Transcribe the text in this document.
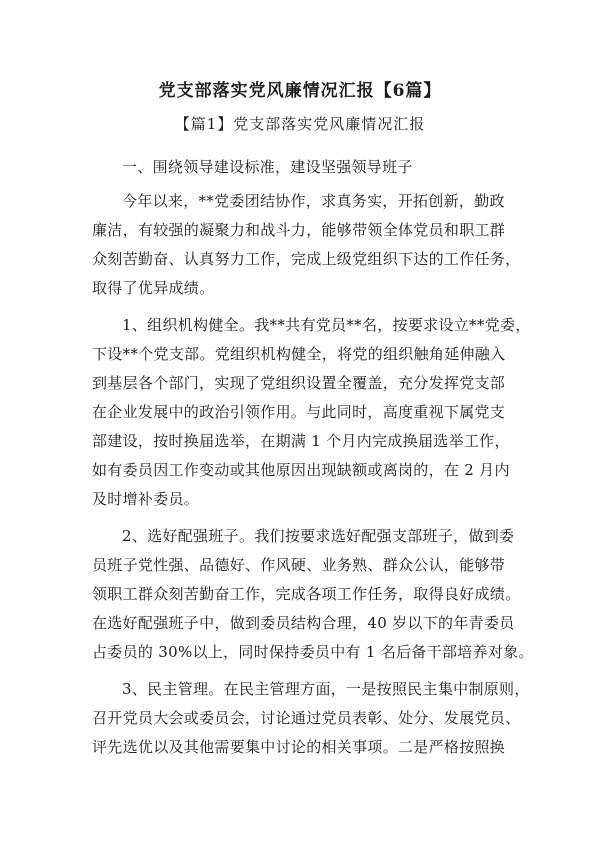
党支部落实党风廉情况汇报【6篇】
【篇1】党支部落实党风廉情况汇报
一、围绕领导建设标准，建设坚强领导班子
今年以来，**党委团结协作，求真务实，开拓创新，勤政
廉洁，有较强的凝聚力和战斗力，能够带领全体党员和职工群
众刻苦勤奋、认真努力工作，完成上级党组织下达的工作任务，
取得了优异成绩。
1、组织机构健全。我**共有党员**名，按要求设立**党委，
下设**个党支部。党组织机构健全，将党的组织触角延伸融入
到基层各个部门，实现了党组织设置全覆盖，充分发挥党支部
在企业发展中的政治引领作用。与此同时，高度重视下属党支
部建设，按时换届选举，在期满 1 个月内完成换届选举工作，
如有委员因工作变动或其他原因出现缺额或离岗的，在 2 月内
及时增补委员。
2、选好配强班子。我们按要求选好配强支部班子，做到委
员班子党性强、品德好、作风硬、业务熟、群众公认，能够带
领职工群众刻苦勤奋工作，完成各项工作任务，取得良好成绩。
在选好配强班子中，做到委员结构合理，40 岁以下的年青委员
占委员的 30%以上，同时保持委员中有 1 名后备干部培养对象。
3、民主管理。在民主管理方面，一是按照民主集中制原则，
召开党员大会或委员会，讨论通过党员表彰、处分、发展党员、
评先选优以及其他需要集中讨论的相关事项。二是严格按照换
